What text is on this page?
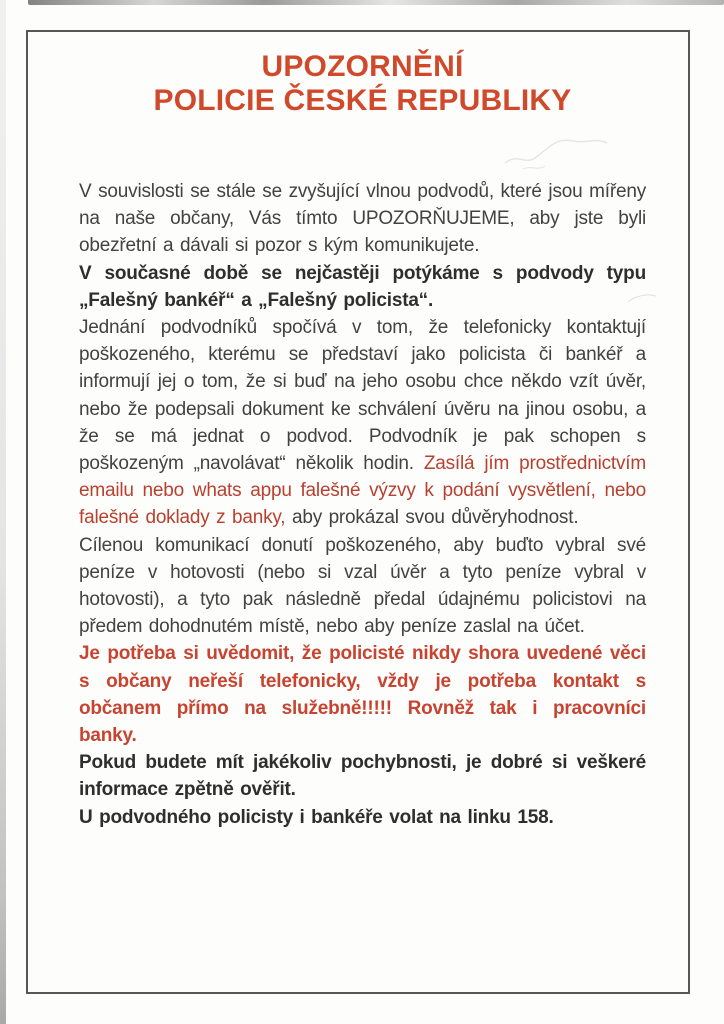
UPOZORNĚNÍ
POLICIE ČESKÉ REPUBLIKY

V souvislosti se stále se zvyšující vlnou podvodů, které jsou mířeny na naše občany, Vás tímto UPOZORŇUJEME, aby jste byli obezřetní a dávali si pozor s kým komunikujete.

V současné době se nejčastěji potýkáme s podvody typu „Falešný bankéř“ a „Falešný policista“.

Jednání podvodníků spočívá v tom, že telefonicky kontaktují poškozeného, kterému se představí jako policista či bankéř a informují jej o tom, že si buď na jeho osobu chce někdo vzít úvěr, nebo že podepsali dokument ke schválení úvěru na jinou osobu, a že se má jednat o podvod. Podvodník je pak schopen s poškozeným „navolávat“ několik hodin. Zasílá jím prostřednictvím emailu nebo whats appu falešné výzvy k podání vysvětlení, nebo falešné doklady z banky, aby prokázal svou důvěryhodnost.

Cílenou komunikací donutí poškozeného, aby buďto vybral své peníze v hotovosti (nebo si vzal úvěr a tyto peníze vybral v hotovosti), a tyto pak následně předal údajnému policistovi na předem dohodnutém místě, nebo aby peníze zaslal na účet.

Je potřeba si uvědomit, že policisté nikdy shora uvedené věci s občany neřeší telefonicky, vždy je potřeba kontakt s občanem přímo na služebně!!!!! Rovněž tak i pracovníci banky.

Pokud budete mít jakékoliv pochybnosti, je dobré si veškeré informace zpětně ověřit.

U podvodného policisty i bankéře volat na linku 158.
